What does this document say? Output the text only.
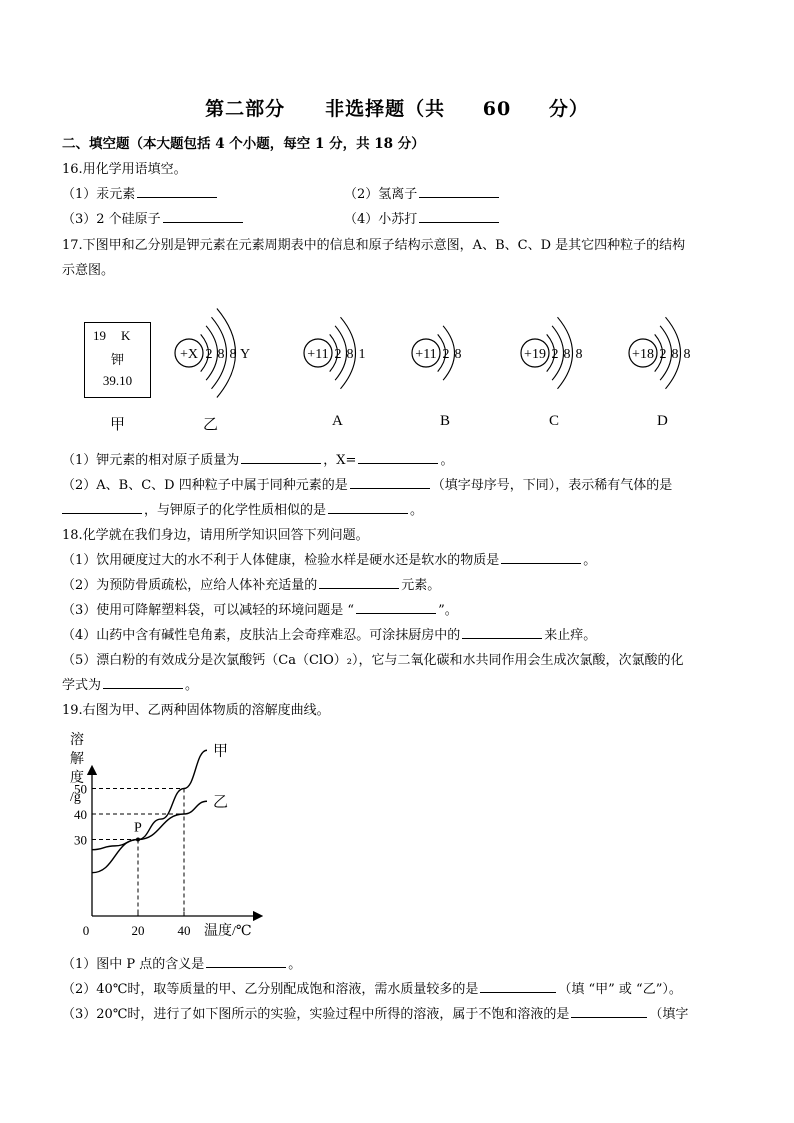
第二部分　　非选择题（共 60 分）
二、填空题（本大题包括 4 个小题，每空 1 分，共 18 分）
16.用化学用语填空。
（1）汞元素	（2）氢离子
（3）2 个硅原子	（4）小苏打
17.下图甲和乙分别是钾元素在元素周期表中的信息和原子结构示意图，A、B、C、D 是其它四种粒子的结构
示意图。
19 K
钾
39.10
+X 2 8 8 Y	+11 2 8 1	+11 2 8	+19 2 8 8	+18 2 8 8
甲
（1）钾元素的相对原子质量为	，X=	。
（2）A、B、C、D 四种粒子中属于同种元素的是	（填字母序号，下同），表示稀有气体的是
，与钾原子的化学性质相似的是	。
18.化学就在我们身边，请用所学知识回答下列问题。
（1）饮用硬度过大的水不利于人体健康，检验水样是硬水还是软水的物质是	。
（2）为预防骨质疏松，应给人体补充适量的	元素。
（3）使用可降解塑料袋，可以减轻的环境问题是 “	”。
（4）山药中含有碱性皂角素，皮肤沾上会奇痒难忍。可涂抹厨房中的	来止痒。
（5）漂白粉的有效成分是次氯酸钙（Ca（ClO）₂），它与二氧化碳和水共同作用会生成次氯酸，次氯酸的化
学式为	。
19.右图为甲、乙两种固体物质的溶解度曲线。
溶
解
度
/g
温度/℃
0	20	40
30
40
50
甲
乙
P
（1）图中 P 点的含义是	。
（2）40℃时，取等质量的甲、乙分别配成饱和溶液，需水质量较多的是	（填 “甲” 或 “乙”）。
（3）20℃时，进行了如下图所示的实验，实验过程中所得的溶液，属于不饱和溶液的是	（填字
乙	A	B	C	D
